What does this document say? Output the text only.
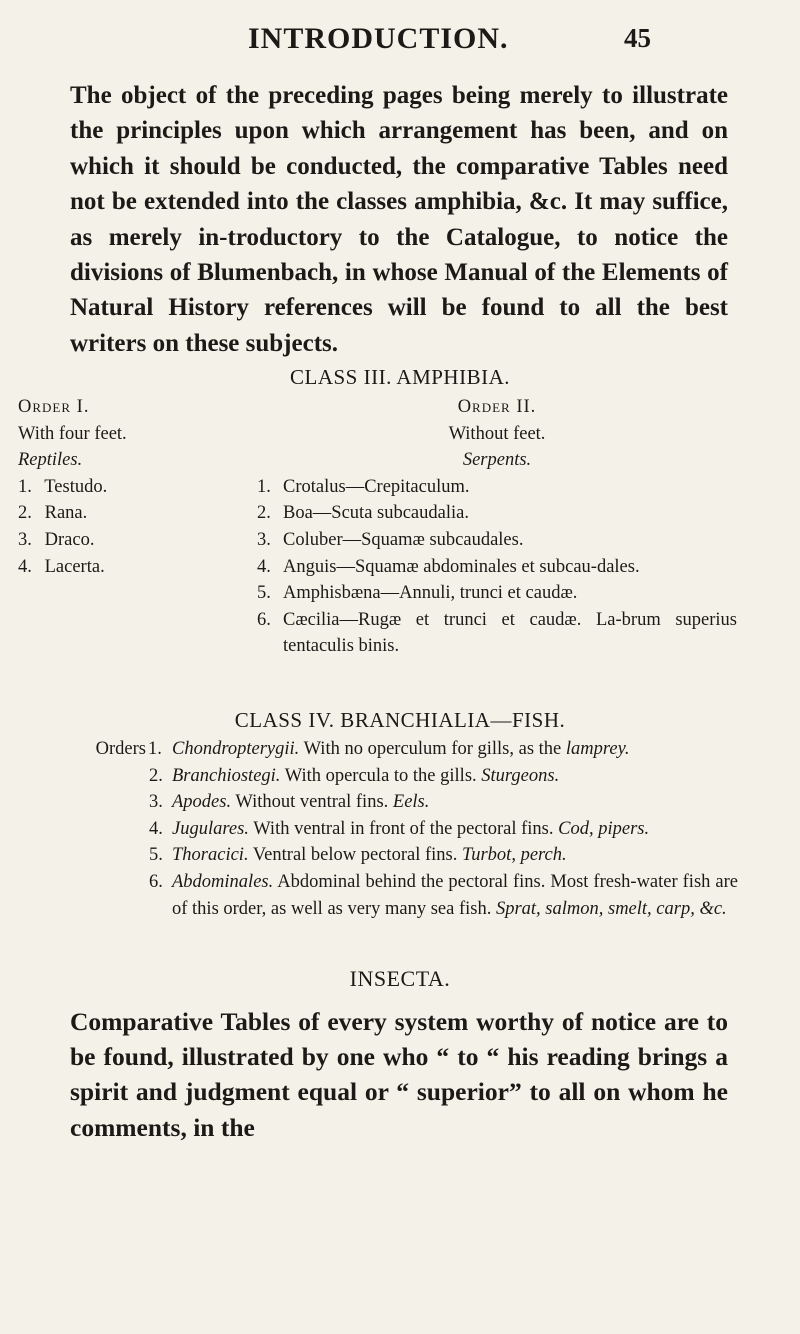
INTRODUCTION.	45
The object of the preceding pages being merely to illustrate the principles upon which arrangement has been, and on which it should be conducted, the comparative Tables need not be extended into the classes amphibia, &c. It may suffice, as merely in-troductory to the Catalogue, to notice the divisions of Blumenbach, in whose Manual of the Elements of Natural History references will be found to all the best writers on these subjects.
CLASS III. AMPHIBIA.
Order I.
With four feet.
Reptiles.
1. Testudo.
2. Rana.
3. Draco.
4. Lacerta.
Order II.
Without feet.
Serpents.
1. Crotalus—Crepitaculum.
2. Boa—Scuta subcaudalia.
3. Coluber—Squamæ subcaudales.
4. Anguis—Squamæ abdominales et subcau-dales.
5. Amphisbæna—Annuli, trunci et caudæ.
6. Cæcilia—Rugæ et trunci et caudæ. La-brum superius tentaculis binis.
CLASS IV. BRANCHIALIA—FISH.
Orders 1. Chondropterygii. With no operculum for gills, as the lamprey.
2. Branchiostegi. With opercula to the gills. Sturgeons.
3. Apodes. Without ventral fins. Eels.
4. Jugulares. With ventral in front of the pectoral fins. Cod, pipers.
5. Thoracici. Ventral below pectoral fins. Turbot, perch.
6. Abdominales. Abdominal behind the pectoral fins. Most fresh-water fish are of this order, as well as very many sea fish. Sprat, salmon, smelt, carp, &c.
INSECTA.
Comparative Tables of every system worthy of notice are to be found, illustrated by one who “ to “ his reading brings a spirit and judgment equal or “ superior” to all on whom he comments, in the
